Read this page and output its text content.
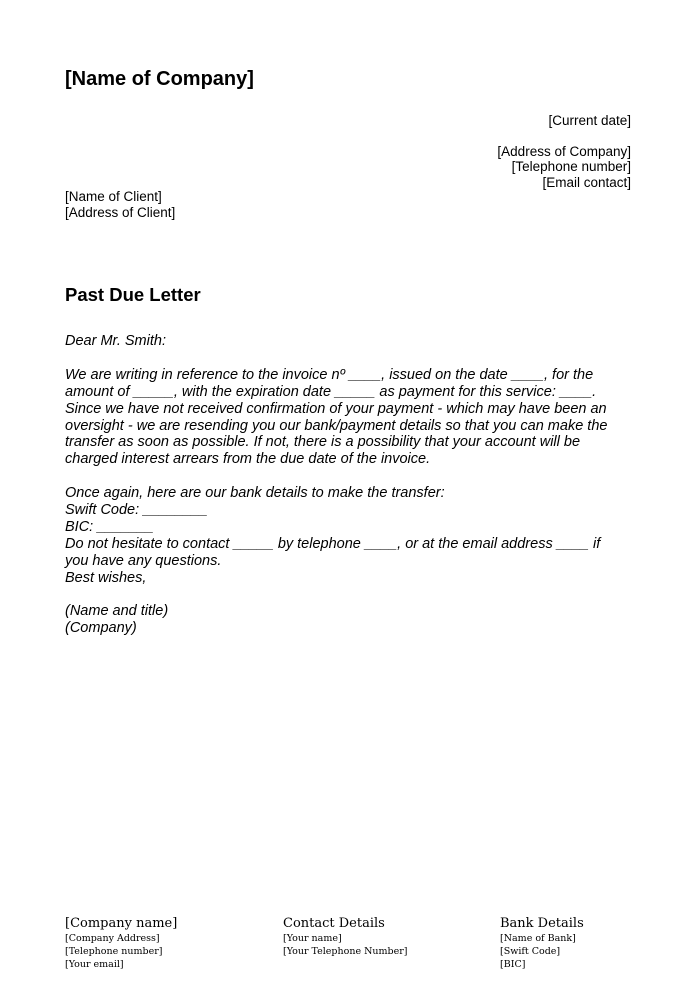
[Name of Company]
[Current date]
[Address of Company]
[Telephone number]
[Email contact]
[Name of Client]
[Address of Client]
Past Due Letter

Dear Mr. Smith:

We are writing in reference to the invoice nº ____, issued on the date ____, for the amount of _____, with the expiration date _____ as payment for this service: ____. Since we have not received confirmation of your payment - which may have been an oversight - we are resending you our bank/payment details so that you can make the transfer as soon as possible. If not, there is a possibility that your account will be charged interest arrears from the due date of the invoice.

Once again, here are our bank details to make the transfer:

Swift Code: ________

BIC: _______

Do not hesitate to contact _____ by telephone ____, or at the email address ____ if you have any questions.

Best wishes,

(Name and title)

(Company)

[Company name]
[Company Address]
[Telephone number]
[Your email]
Contact Details
[Your name]
[Your Telephone Number]
Bank Details
[Name of Bank]
[Swift Code]
[BIC]
